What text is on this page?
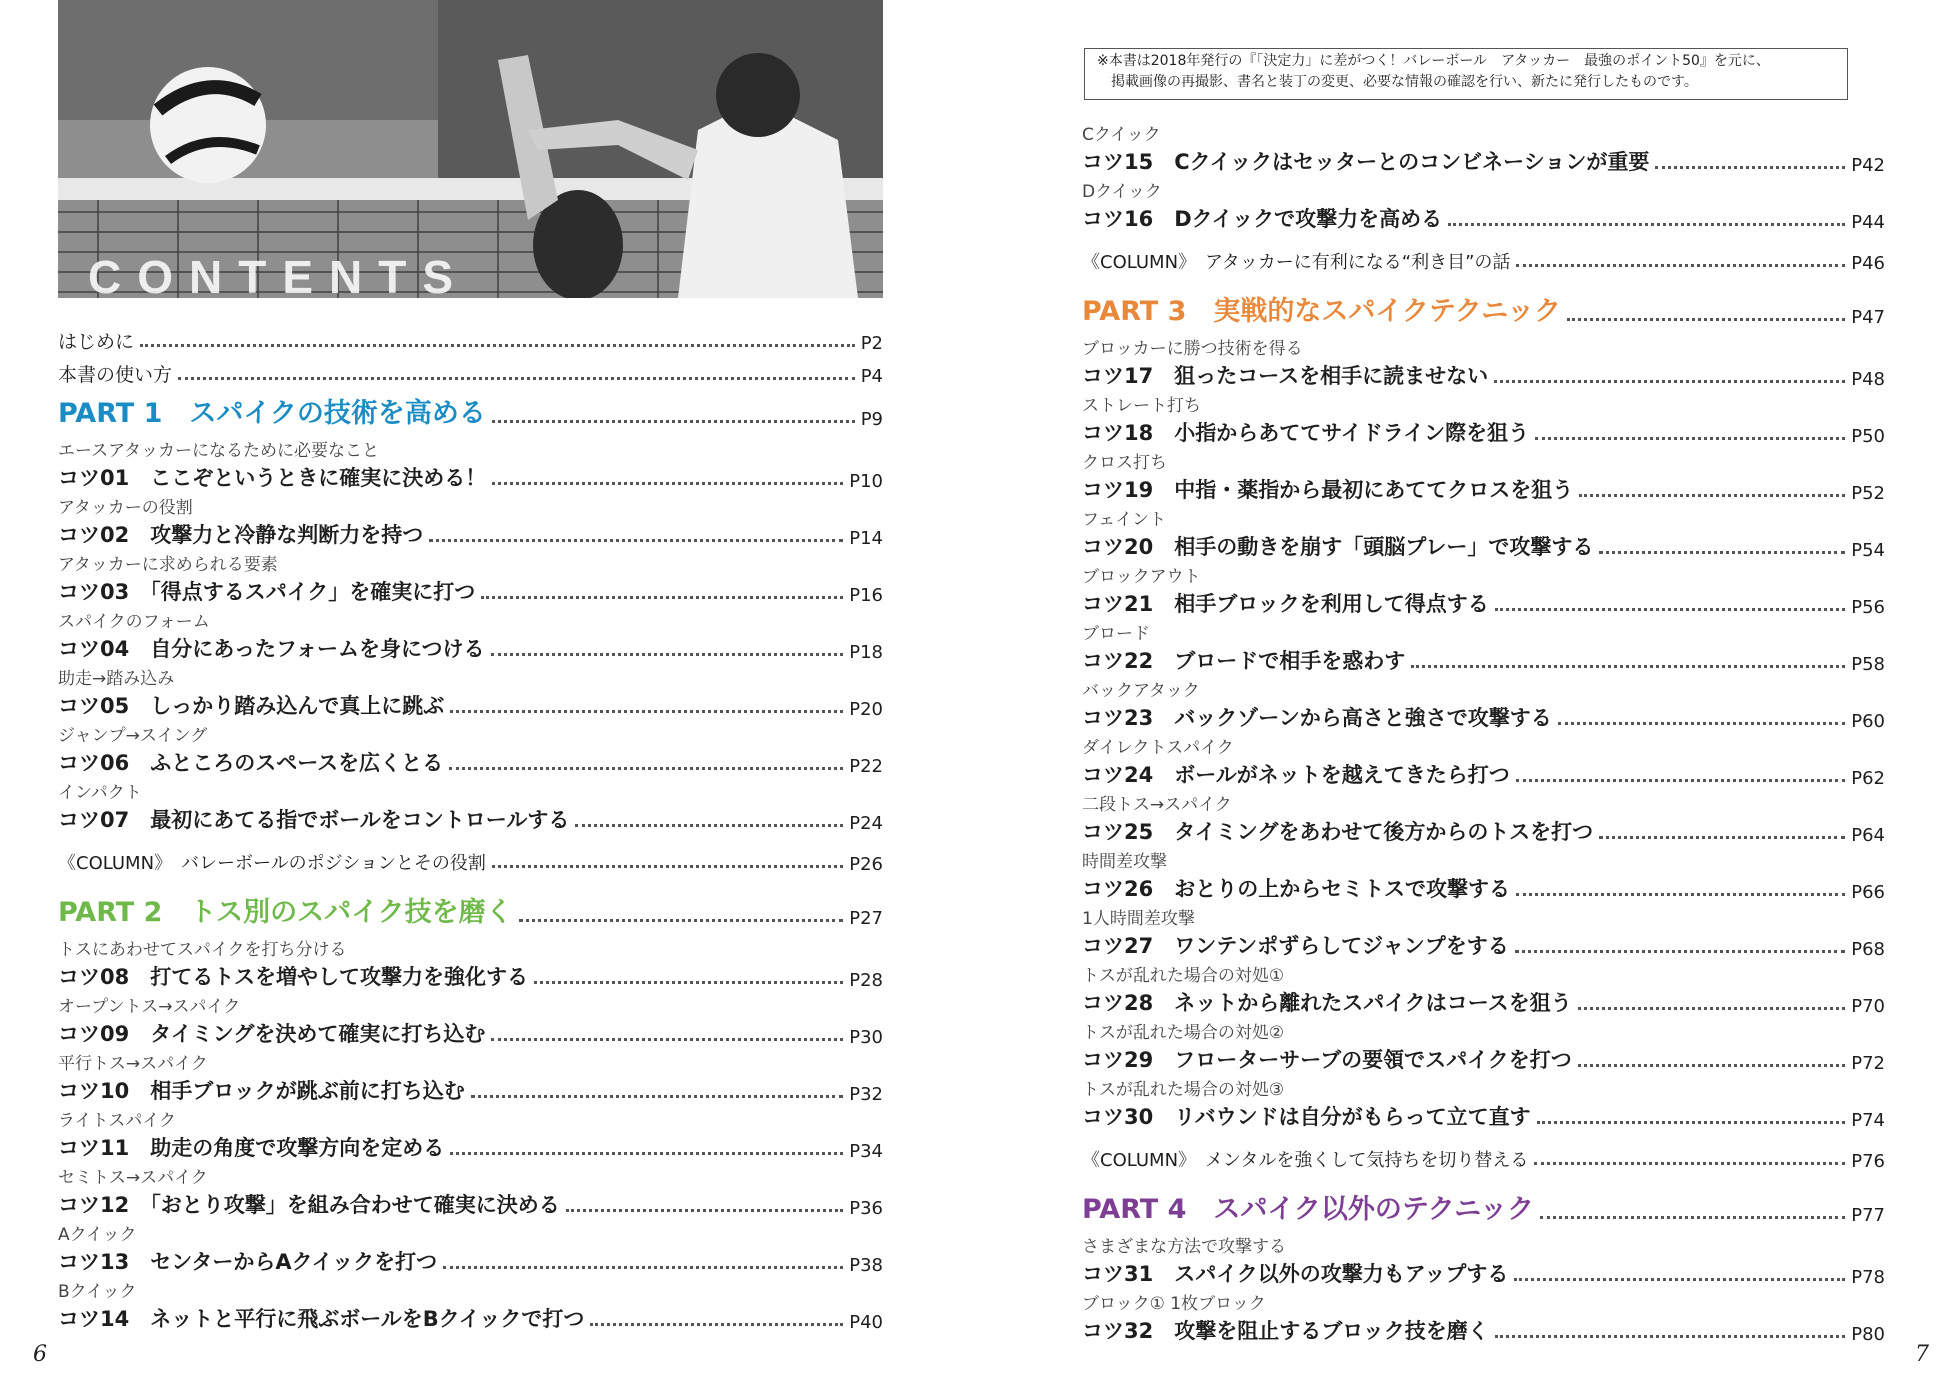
CONTENTS
はじめに	P2
本書の使い方	P4
PART 1　スパイクの技術を高める	P9
エースアタッカーになるために必要なこと
コツ01　ここぞというときに確実に決める！	P10
アタッカーの役割
コツ02　攻撃力と冷静な判断力を持つ	P14
アタッカーに求められる要素
コツ03　「得点するスパイク」を確実に打つ	P16
スパイクのフォーム
コツ04　自分にあったフォームを身につける	P18
助走→踏み込み
コツ05　しっかり踏み込んで真上に跳ぶ	P20
ジャンプ→スイング
コツ06　ふところのスペースを広くとる	P22
インパクト
コツ07　最初にあてる指でボールをコントロールする	P24
《COLUMN》　バレーボールのポジションとその役割	P26
PART 2　トス別のスパイク技を磨く	P27
トスにあわせてスパイクを打ち分ける
コツ08　打てるトスを増やして攻撃力を強化する	P28
オープントス→スパイク
コツ09　タイミングを決めて確実に打ち込む	P30
平行トス→スパイク
コツ10　相手ブロックが跳ぶ前に打ち込む	P32
ライトスパイク
コツ11　助走の角度で攻撃方向を定める	P34
セミトス→スパイク
コツ12　「おとり攻撃」を組み合わせて確実に決める	P36
Aクイック
コツ13　センターからAクイックを打つ	P38
Bクイック
コツ14　ネットと平行に飛ぶボールをBクイックで打つ	P40
6
※本書は2018年発行の『「決定力」に差がつく！バレーボール　アタッカー　最強のポイント50』を元に、
掲載画像の再撮影、書名と装丁の変更、必要な情報の確認を行い、新たに発行したものです。
Cクイック
コツ15　Cクイックはセッターとのコンビネーションが重要	P42
Dクイック
コツ16　Dクイックで攻撃力を高める	P44
《COLUMN》　アタッカーに有利になる“利き目”の話	P46
PART 3　実戦的なスパイクテクニック	P47
ブロッカーに勝つ技術を得る
コツ17　狙ったコースを相手に読ませない	P48
ストレート打ち
コツ18　小指からあててサイドライン際を狙う	P50
クロス打ち
コツ19　中指・薬指から最初にあててクロスを狙う	P52
フェイント
コツ20　相手の動きを崩す「頭脳プレー」で攻撃する	P54
ブロックアウト
コツ21　相手ブロックを利用して得点する	P56
ブロード
コツ22　ブロードで相手を惑わす	P58
バックアタック
コツ23　バックゾーンから高さと強さで攻撃する	P60
ダイレクトスパイク
コツ24　ボールがネットを越えてきたら打つ	P62
二段トス→スパイク
コツ25　タイミングをあわせて後方からのトスを打つ	P64
時間差攻撃
コツ26　おとりの上からセミトスで攻撃する	P66
1人時間差攻撃
コツ27　ワンテンポずらしてジャンプをする	P68
トスが乱れた場合の対処①
コツ28　ネットから離れたスパイクはコースを狙う	P70
トスが乱れた場合の対処②
コツ29　フローターサーブの要領でスパイクを打つ	P72
トスが乱れた場合の対処③
コツ30　リバウンドは自分がもらって立て直す	P74
《COLUMN》　メンタルを強くして気持ちを切り替える	P76
PART 4　スパイク以外のテクニック	P77
さまざまな方法で攻撃する
コツ31　スパイク以外の攻撃力もアップする	P78
ブロック① 1枚ブロック
コツ32　攻撃を阻止するブロック技を磨く	P80
7
